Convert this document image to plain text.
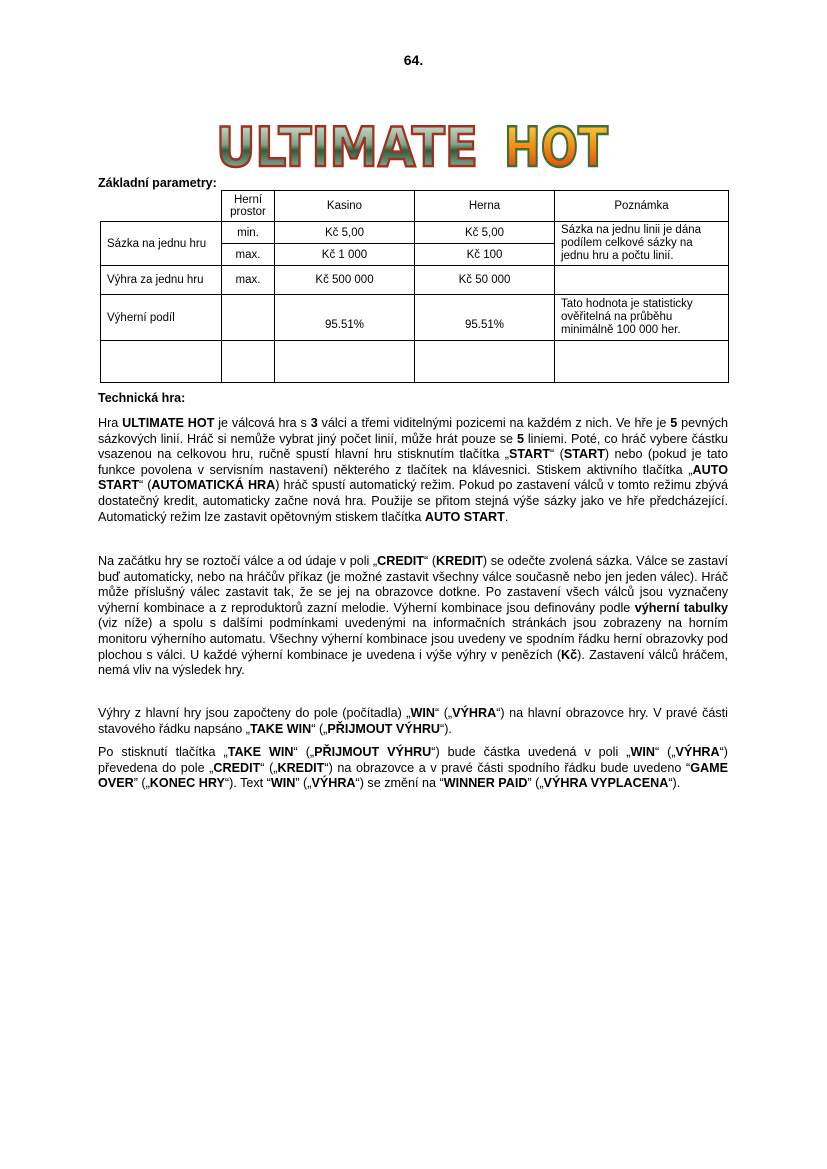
64.
ULTIMATE HOT
Základní parametry:
	Herní prostor	Kasino	Herna	Poznámka
Sázka na jednu hru	min.	Kč 5,00	Kč 5,00	Sázka na jednu linii je dána podílem celkové sázky na jednu hru a počtu linií.
	max.	Kč 1 000	Kč 100	
Výhra za jednu hru	max.	Kč 500 000	Kč 50 000	
Výherní podíl		95.51%	95.51%	Tato hodnota je statisticky ověřitelná na průběhu minimálně 100 000 her.

Technická hra:
Hra ULTIMATE HOT je válcová hra s 3 válci a třemi viditelnými pozicemi na každém z nich. Ve hře je 5 pevných sázkových linií. Hráč si nemůže vybrat jiný počet linií, může hrát pouze se 5 liniemi. Poté, co hráč vybere částku vsazenou na celkovou hru, ručně spustí hlavní hru stisknutím tlačítka „START“ (START) nebo (pokud je tato funkce povolena v servisním nastavení) některého z tlačítek na klávesnici. Stiskem aktivního tlačítka „AUTO START“ (AUTOMATICKÁ HRA) hráč spustí automatický režim. Pokud po zastavení válců v tomto režimu zbývá dostatečný kredit, automaticky začne nová hra. Použije se přitom stejná výše sázky jako ve hře předcházející. Automatický režim lze zastavit opětovným stiskem tlačítka AUTO START.
Na začátku hry se roztočí válce a od údaje v poli „CREDIT“ (KREDIT) se odečte zvolená sázka. Válce se zastaví buď automaticky, nebo na hráčův příkaz (je možné zastavit všechny válce současně nebo jen jeden válec). Hráč může příslušný válec zastavit tak, že se jej na obrazovce dotkne. Po zastavení všech válců jsou vyznačeny výherní kombinace a z reproduktorů zazní melodie. Výherní kombinace jsou definovány podle výherní tabulky (viz níže) a spolu s dalšími podmínkami uvedenými na informačních stránkách jsou zobrazeny na horním monitoru výherního automatu. Všechny výherní kombinace jsou uvedeny ve spodním řádku herní obrazovky pod plochou s válci. U každé výherní kombinace je uvedena i výše výhry v penězích (Kč). Zastavení válců hráčem, nemá vliv na výsledek hry.
Výhry z hlavní hry jsou započteny do pole (počítadla) „WIN“ („VÝHRA“) na hlavní obrazovce hry. V pravé části stavového řádku napsáno „TAKE WIN“ („PŘIJMOUT VÝHRU“).
Po stisknutí tlačítka „TAKE WIN“ („PŘIJMOUT VÝHRU“) bude částka uvedená v poli „WIN“ („VÝHRA“) převedena do pole „CREDIT“ („KREDIT“) na obrazovce a v pravé části spodního řádku bude uvedeno “GAME OVER” („KONEC HRY“). Text “WIN” („VÝHRA“) se změní na “WINNER PAID” („VÝHRA VYPLACENA“).
